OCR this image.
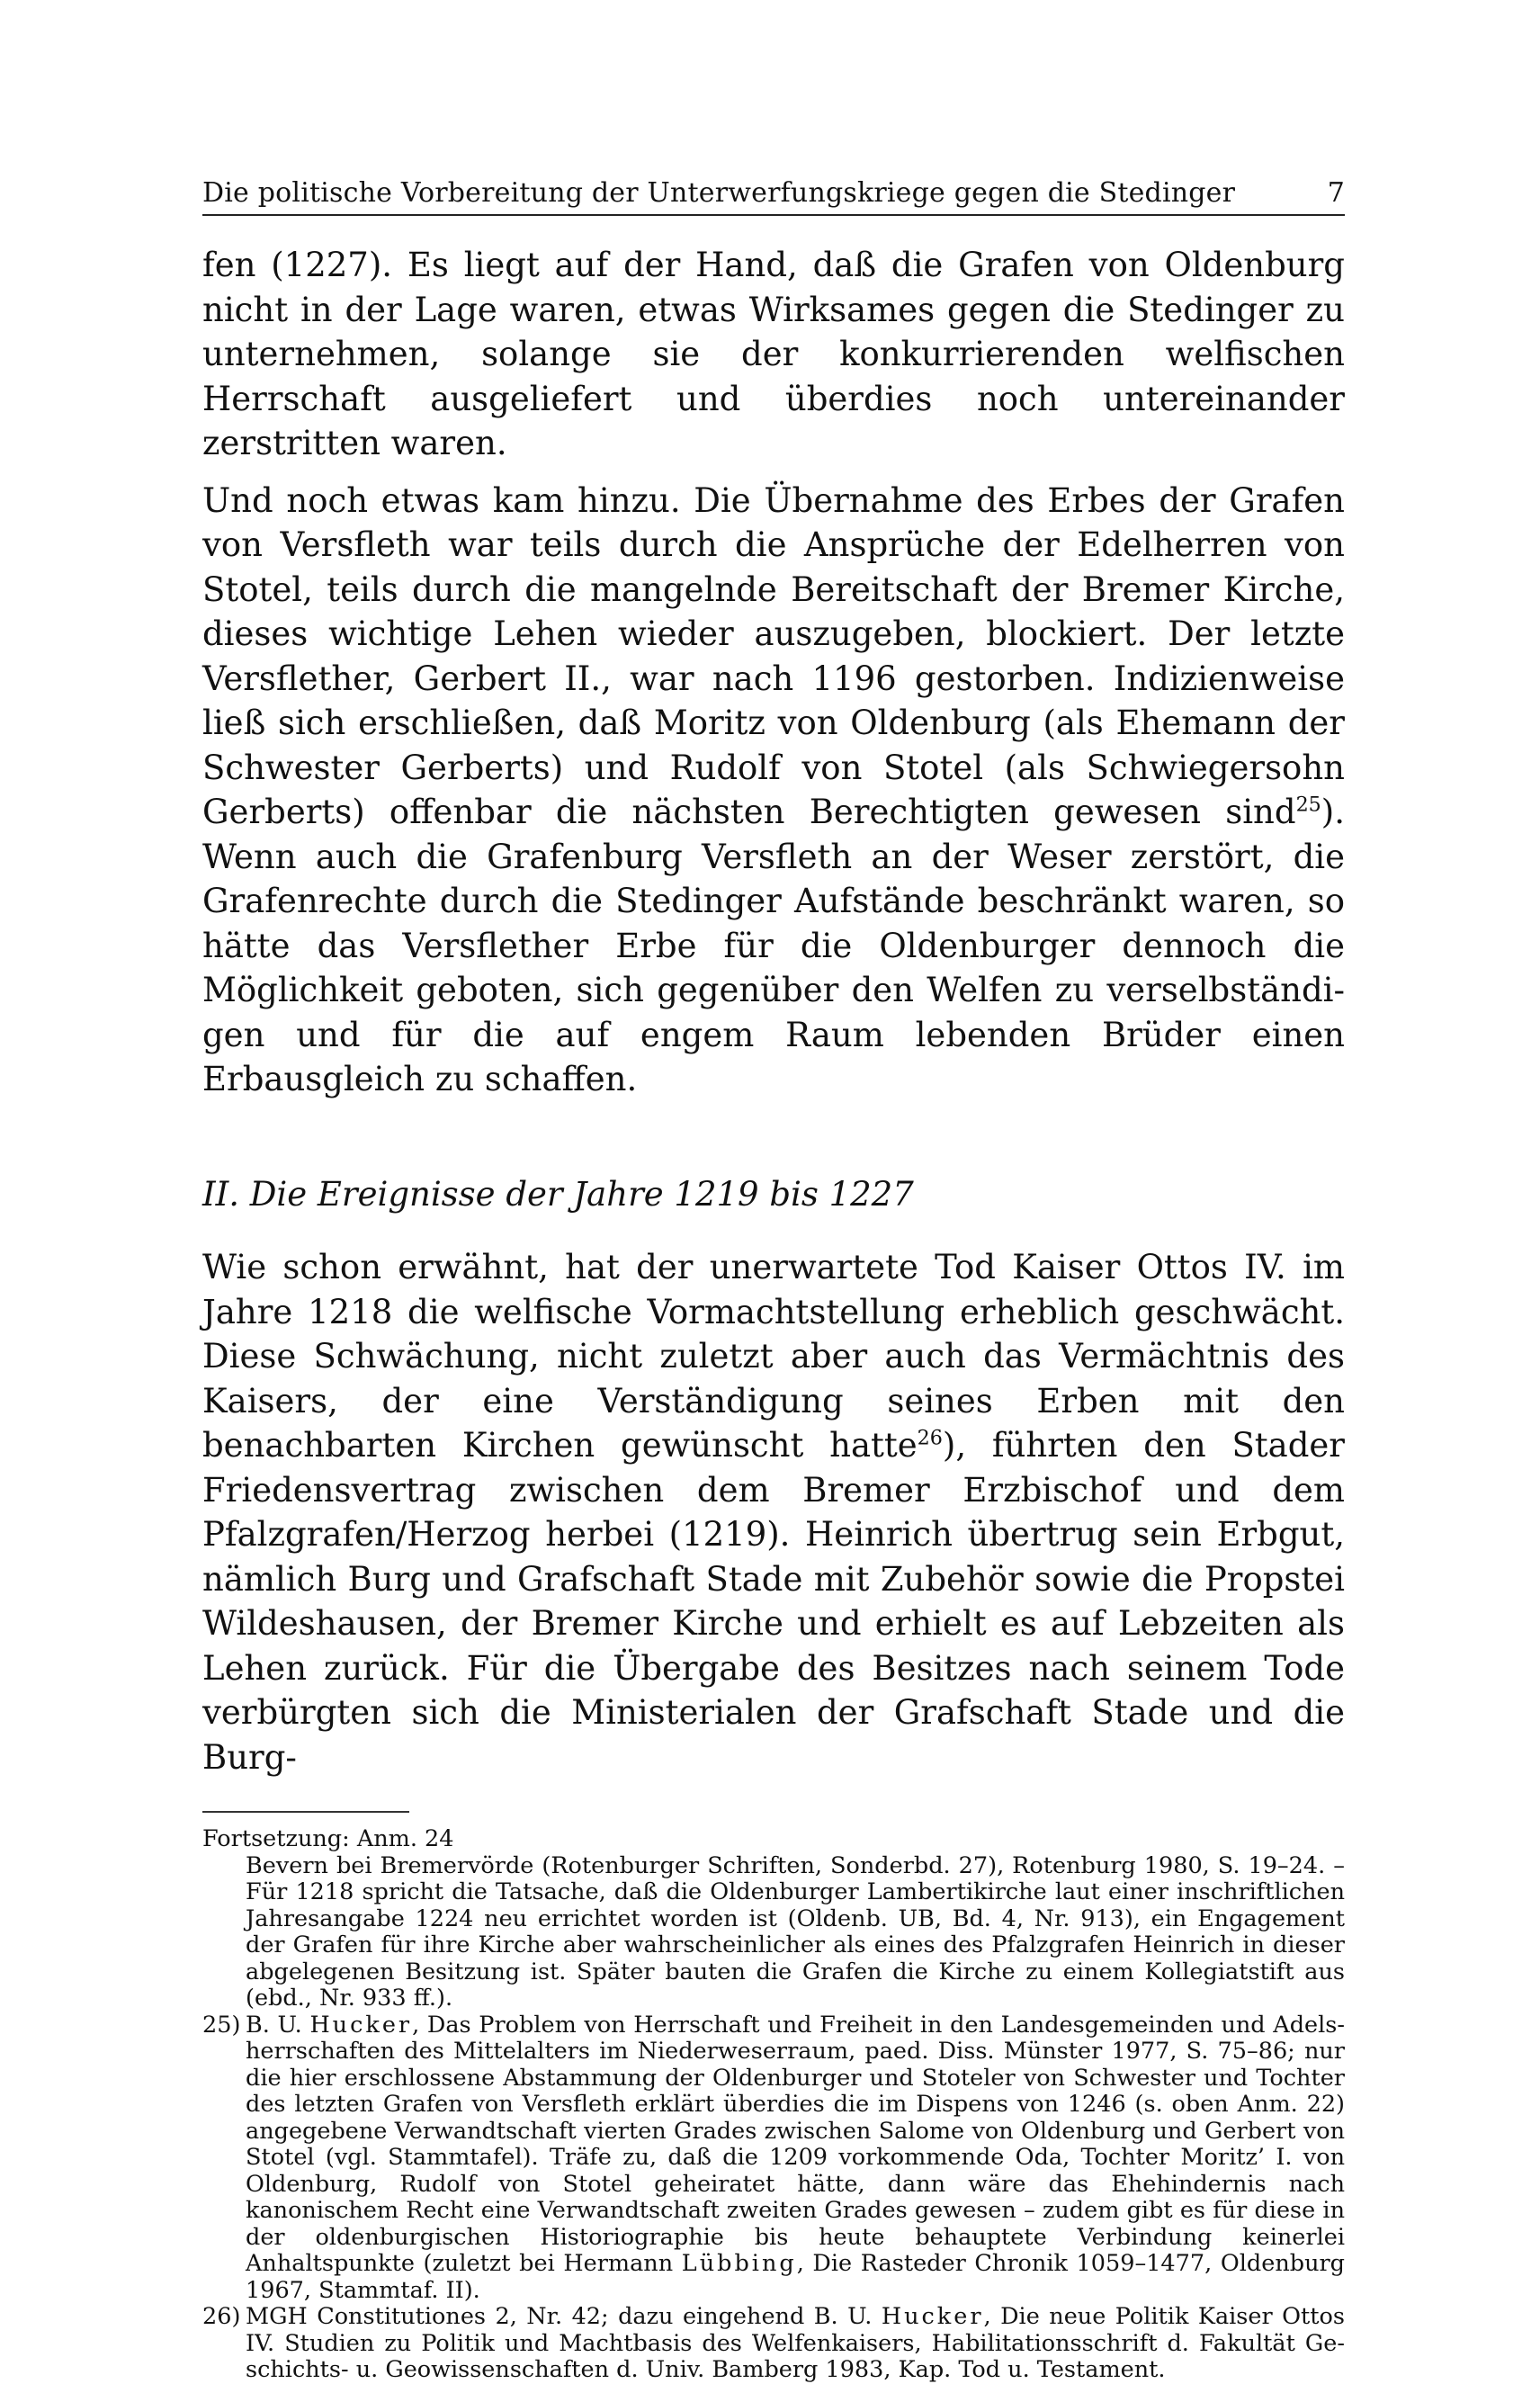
Die politische Vorbereitung der Unterwerfungskriege gegen die Stedinger	7

fen (1227). Es liegt auf der Hand, daß die Grafen von Oldenburg nicht in der Lage waren, etwas Wirksames gegen die Stedinger zu unternehmen, solange sie der konkurrierenden welfischen Herrschaft ausgeliefert und überdies noch untereinander zerstritten waren.

Und noch etwas kam hinzu. Die Übernahme des Erbes der Grafen von Versfleth war teils durch die Ansprüche der Edelherren von Stotel, teils durch die mangelnde Bereitschaft der Bremer Kirche, dieses wichtige Lehen wieder auszugeben, blockiert. Der letzte Versflether, Gerbert II., war nach 1196 gestorben. Indizienweise ließ sich erschließen, daß Moritz von Oldenburg (als Ehemann der Schwester Gerberts) und Rudolf von Stotel (als Schwiegersohn Gerberts) offenbar die nächsten Berechtigten gewesen sind$^{25}$). Wenn auch die Grafenburg Versfleth an der Weser zerstört, die Grafenrechte durch die Stedinger Aufstände beschränkt waren, so hätte das Versflether Erbe für die Oldenburger dennoch die Möglichkeit geboten, sich gegenüber den Welfen zu verselbständigen und für die auf engem Raum lebenden Brüder einen Erbausgleich zu schaffen.

II. Die Ereignisse der Jahre 1219 bis 1227

Wie schon erwähnt, hat der unerwartete Tod Kaiser Ottos IV. im Jahre 1218 die welfische Vormachtstellung erheblich geschwächt. Diese Schwächung, nicht zuletzt aber auch das Vermächtnis des Kaisers, der eine Verständigung seines Erben mit den benachbarten Kirchen gewünscht hatte$^{26}$), führten den Stader Friedensvertrag zwischen dem Bremer Erzbischof und dem Pfalzgrafen/Herzog herbei (1219). Heinrich übertrug sein Erbgut, nämlich Burg und Grafschaft Stade mit Zubehör sowie die Propstei Wildeshausen, der Bremer Kirche und erhielt es auf Lebzeiten als Lehen zurück. Für die Übergabe des Besitzes nach seinem Tode verbürgten sich die Ministerialen der Grafschaft Stade und die Burg-

Fortsetzung: Anm. 24

Bevern bei Bremervörde (Rotenburger Schriften, Sonderbd. 27), Rotenburg 1980, S. 19–24. – Für 1218 spricht die Tatsache, daß die Oldenburger Lambertikirche laut einer inschriftlichen Jahresangabe 1224 neu errichtet worden ist (Oldenb. UB, Bd. 4, Nr. 913), ein Engagement der Grafen für ihre Kirche aber wahrscheinlicher als eines des Pfalzgrafen Heinrich in dieser abgelegenen Besitzung ist. Später bauten die Grafen die Kirche zu einem Kollegiatstift aus (ebd., Nr. 933 ff.).

25) B. U. Hucker, Das Problem von Herrschaft und Freiheit in den Landesgemeinden und Adelsherrschaften des Mittelalters im Niederweserraum, paed. Diss. Münster 1977, S. 75–86; nur die hier erschlossene Abstammung der Oldenburger und Stoteler von Schwester und Tochter des letzten Grafen von Versfleth erklärt überdies die im Dispens von 1246 (s. oben Anm. 22) angegebene Verwandtschaft vierten Grades zwischen Salome von Oldenburg und Gerbert von Stotel (vgl. Stammtafel). Träfe zu, daß die 1209 vorkommende Oda, Tochter Moritz’ I. von Oldenburg, Rudolf von Stotel geheiratet hätte, dann wäre das Ehehindernis nach kanonischem Recht eine Verwandtschaft zweiten Grades gewesen – zudem gibt es für diese in der oldenburgischen Historiographie bis heute behauptete Verbindung keinerlei Anhaltspunkte (zuletzt bei Hermann Lübbing, Die Rasteder Chronik 1059–1477, Oldenburg 1967, Stammtaf. II).
26) MGH Constitutiones 2, Nr. 42; dazu eingehend B. U. Hucker, Die neue Politik Kaiser Ottos IV. Studien zu Politik und Machtbasis des Welfenkaisers, Habilitationsschrift d. Fakultät Geschichts- u. Geowissenschaften d. Univ. Bamberg 1983, Kap. Tod u. Testament.
